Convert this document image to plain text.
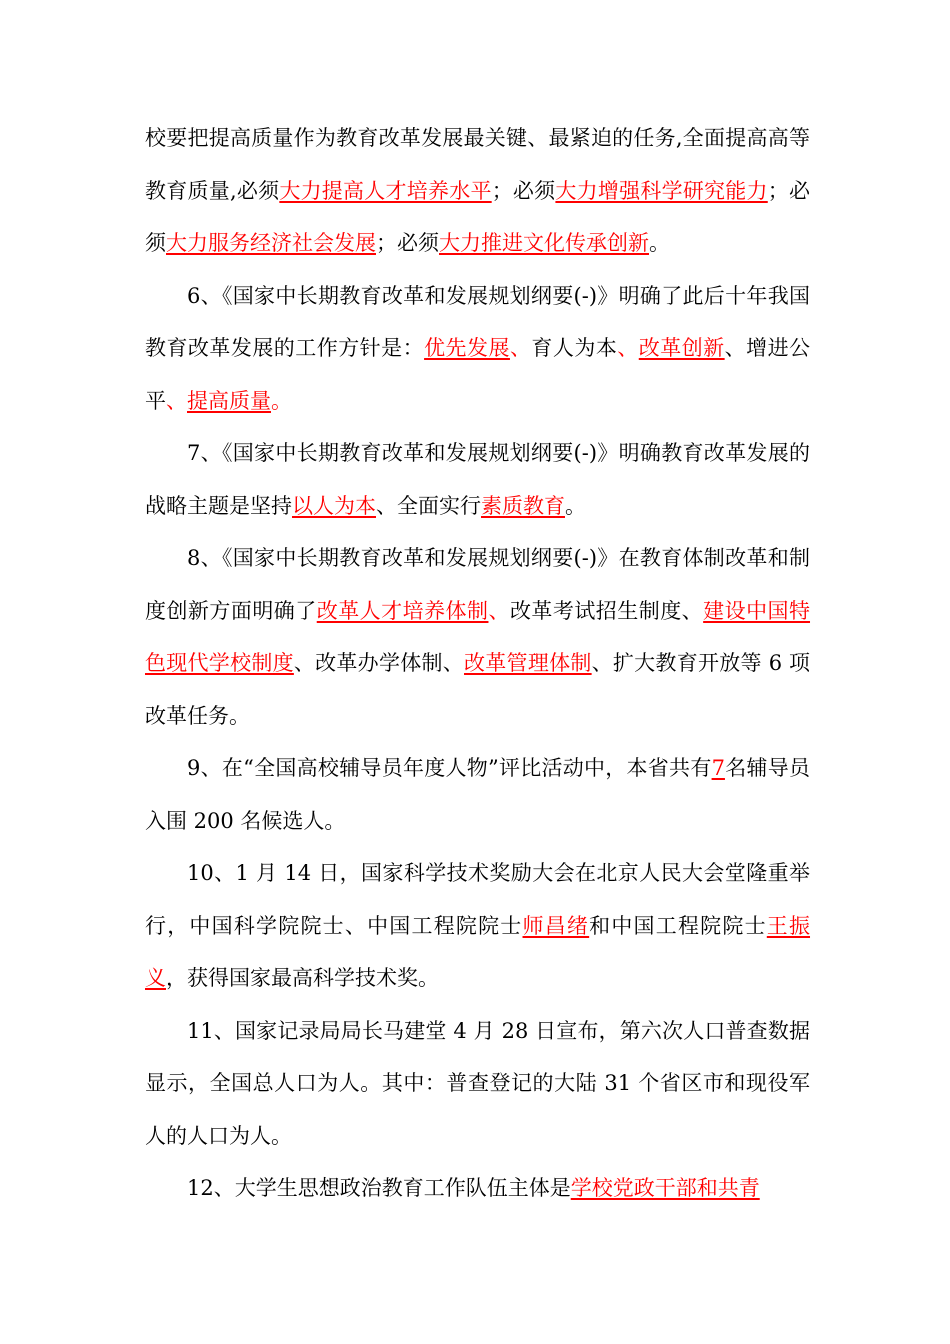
校要把提高质量作为教育改革发展最关键、最紧迫的任务,全面提高高等教育质量,必须大力提高人才培养水平；必须大力增强科学研究能力；必须大力服务经济社会发展；必须大力推进文化传承创新。

6、《国家中长期教育改革和发展规划纲要(-)》明确了此后十年我国教育改革发展的工作方针是：优先发展、育人为本、改革创新、增进公平、提高质量。

7、《国家中长期教育改革和发展规划纲要(-)》明确教育改革发展的战略主题是坚持以人为本、全面实行素质教育。

8、《国家中长期教育改革和发展规划纲要(-)》在教育体制改革和制度创新方面明确了改革人才培养体制、改革考试招生制度、建设中国特色现代学校制度、改革办学体制、改革管理体制、扩大教育开放等 6 项改革任务。

9、在“全国高校辅导员年度人物”评比活动中，本省共有7名辅导员入围 200 名候选人。

10、1 月 14 日，国家科学技术奖励大会在北京人民大会堂隆重举行，中国科学院院士、中国工程院院士师昌绪和中国工程院院士王振义，获得国家最高科学技术奖。

11、国家记录局局长马建堂 4 月 28 日宣布，第六次人口普查数据显示，全国总人口为人。其中：普查登记的大陆 31 个省区市和现役军人的人口为人。

12、大学生思想政治教育工作队伍主体是学校党政干部和共青
